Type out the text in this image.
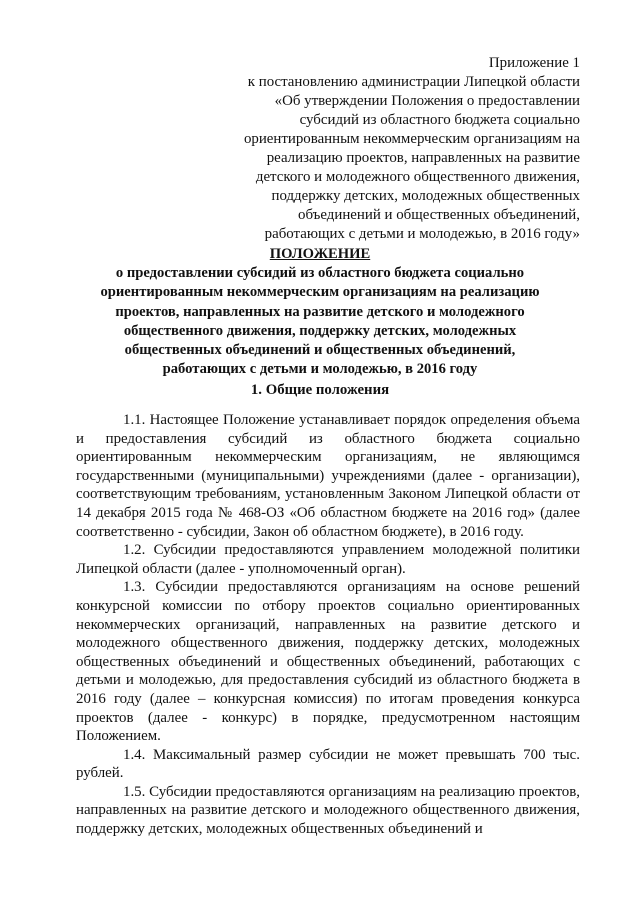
Приложение 1
к постановлению администрации Липецкой области
«Об утверждении Положения о предоставлении
субсидий из областного бюджета социально
ориентированным некоммерческим организациям на
реализацию проектов, направленных на развитие
детского и молодежного общественного движения,
поддержку детских, молодежных общественных
объединений и общественных объединений,
работающих с детьми и молодежью, в 2016 году»
ПОЛОЖЕНИЕ
о предоставлении субсидий из областного бюджета социально
ориентированным некоммерческим организациям на реализацию
проектов, направленных на развитие детского и молодежного
общественного движения, поддержку детских, молодежных
общественных объединений и общественных объединений,
работающих с детьми и молодежью, в 2016 году
1. Общие положения

1.1. Настоящее Положение устанавливает порядок определения объема и предоставления субсидий из областного бюджета социально ориентированным некоммерческим организациям, не являющимся государственными (муниципальными) учреждениями (далее - организации), соответствующим требованиям, установленным Законом Липецкой области от 14 декабря 2015 года № 468-ОЗ «Об областном бюджете на 2016 год» (далее соответственно - субсидии, Закон об областном бюджете), в 2016 году.

1.2. Субсидии предоставляются управлением молодежной политики Липецкой области (далее - уполномоченный орган).

1.3. Субсидии предоставляются организациям на основе решений конкурсной комиссии по отбору проектов социально ориентированных некоммерческих организаций, направленных на развитие детского и молодежного общественного движения, поддержку детских, молодежных общественных объединений и общественных объединений, работающих с детьми и молодежью, для предоставления субсидий из областного бюджета в 2016 году (далее – конкурсная комиссия) по итогам проведения конкурса проектов (далее - конкурс) в порядке, предусмотренном настоящим Положением.

1.4. Максимальный размер субсидии не может превышать 700 тыс. рублей.

1.5. Субсидии предоставляются организациям на реализацию проектов, направленных на развитие детского и молодежного общественного движения, поддержку детских, молодежных общественных объединений и
